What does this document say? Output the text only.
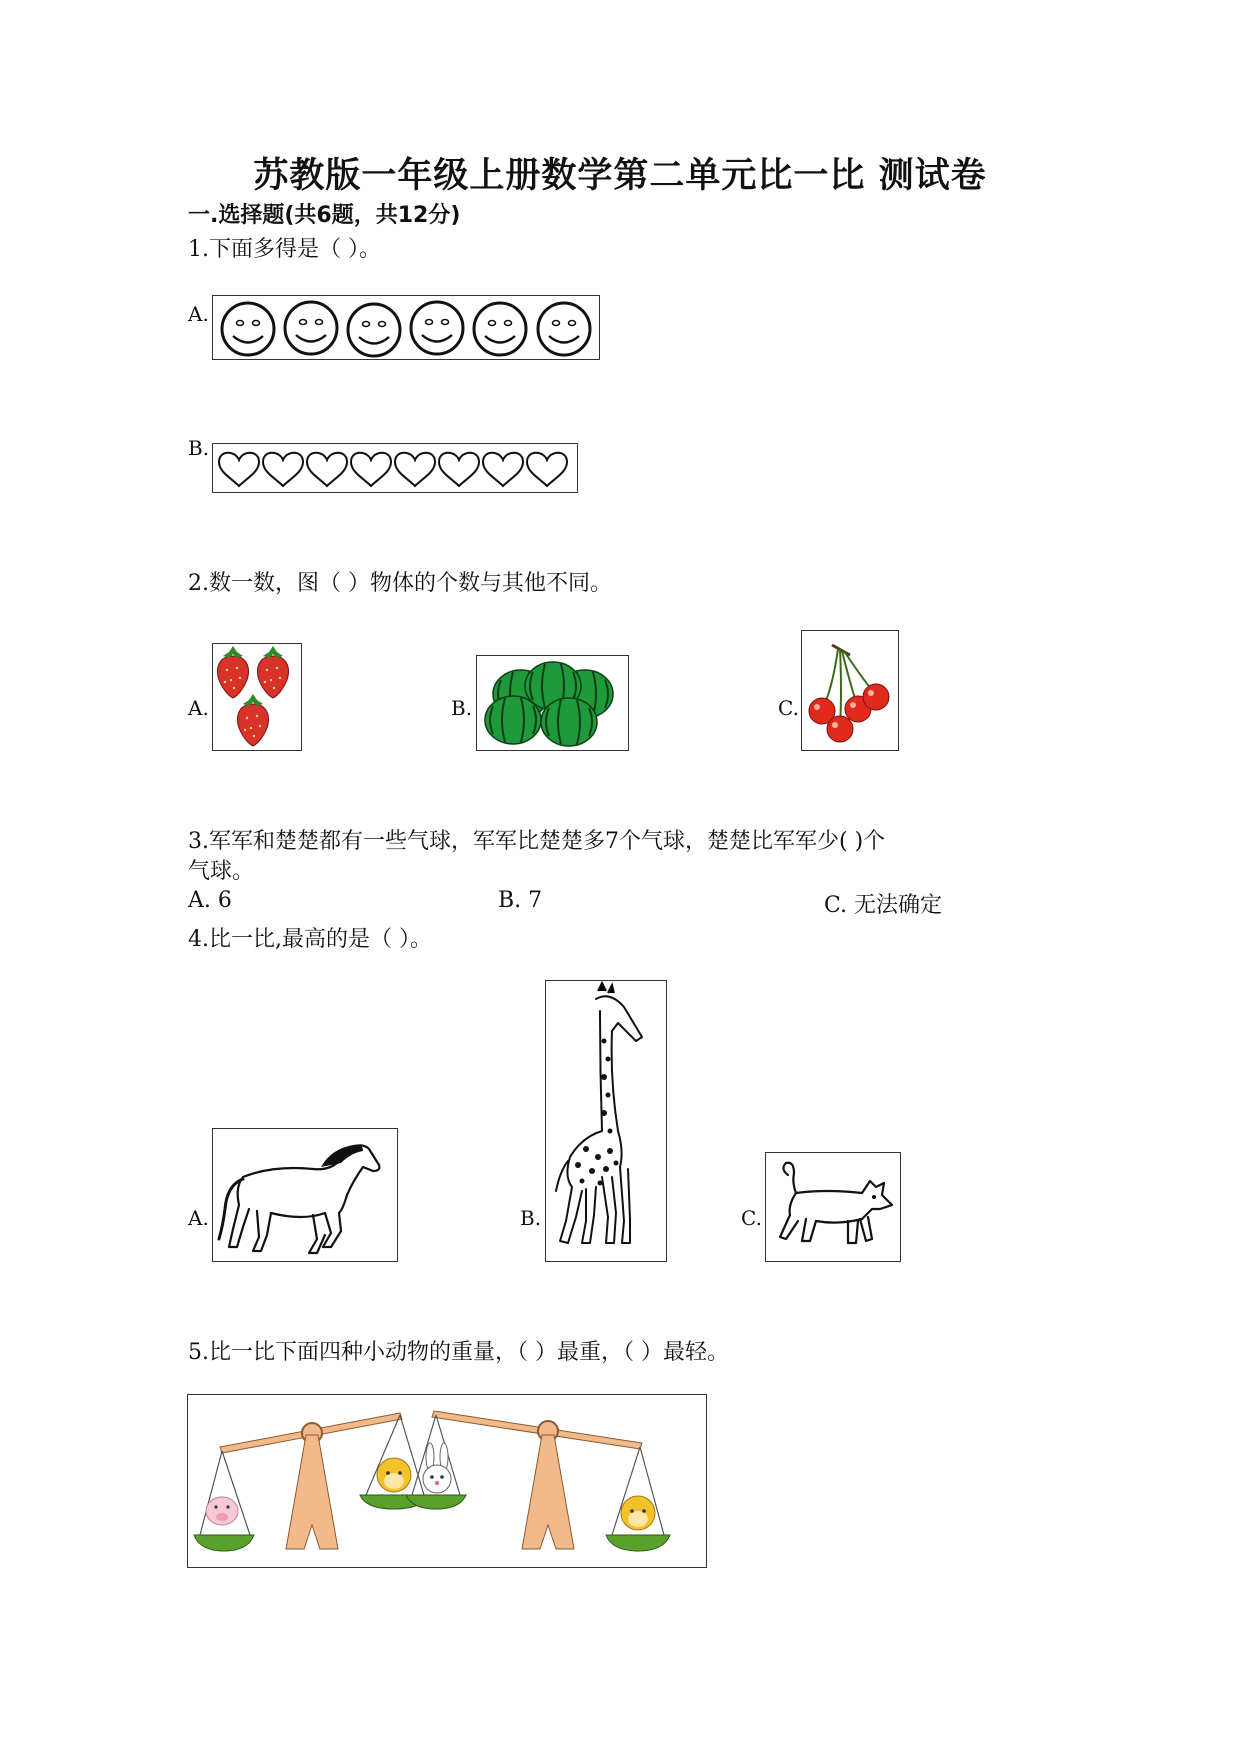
苏教版一年级上册数学第二单元比一比 测试卷
一.选择题(共6题，共12分)
1.下面多得是（ ）。
A.
B.
2.数一数，图（ ）物体的个数与其他不同。
A.	B.	C.
3.军军和楚楚都有一些气球，军军比楚楚多7个气球，楚楚比军军少( )个
气球。
A. 6	B. 7	C. 无法确定
4.比一比,最高的是（ ）。
A.	B.	C.
5.比一比下面四种小动物的重量，（ ）最重，（ ）最轻。
